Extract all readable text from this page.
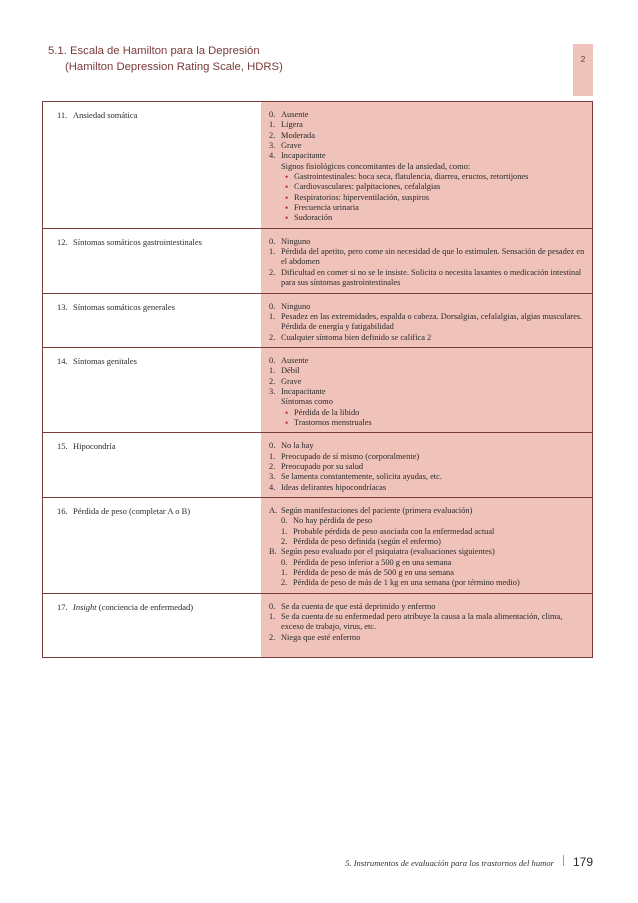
5.1. Escala de Hamilton para la Depresión
(Hamilton Depression Rating Scale, HDRS)
2
11. Ansiedad somática	0. Ausente
1. Ligera
2. Moderada
3. Grave
4. Incapacitante
Signos fisiológicos concomitantes de la ansiedad, como:
• Gastrointestinales: boca seca, flatulencia, diarrea, eructos, retortijones
• Cardiovasculares: palpitaciones, cefalalgias
• Respiratorios: hiperventilación, suspiros
• Frecuencia urinaria
• Sudoración
12. Síntomas somáticos gastrointestinales	0. Ninguno
1. Pérdida del apetito, pero come sin necesidad de que lo estimulen. Sensación de pesadez en el abdomen
2. Dificultad en comer si no se le insiste. Solicita o necesita laxantes o medicación intestinal para sus síntomas gastrointestinales
13. Síntomas somáticos generales	0. Ninguno
1. Pesadez en las extremidades, espalda o cabeza. Dorsalgias, cefalalgias, algias musculares. Pérdida de energía y fatigabilidad
2. Cualquier síntoma bien definido se califica 2
14. Síntomas genitales	0. Ausente
1. Débil
2. Grave
3. Incapacitante
Síntomas como
• Pérdida de la libido
• Trastornos menstruales
15. Hipocondría	0. No la hay
1. Preocupado de sí mismo (corporalmente)
2. Preocupado por su salud
3. Se lamenta constantemente, solicita ayudas, etc.
4. Ideas delirantes hipocondríacas
16. Pérdida de peso (completar A o B)	A. Según manifestaciones del paciente (primera evaluación)
0. No hay pérdida de peso
1. Probable pérdida de peso asociada con la enfermedad actual
2. Pérdida de peso definida (según el enfermo)
B. Según peso evaluado por el psiquiatra (evaluaciones siguientes)
0. Pérdida de peso inferior a 500 g en una semana
1. Pérdida de peso de más de 500 g en una semana
2. Pérdida de peso de más de 1 kg en una semana (por término medio)
17. Insight (conciencia de enfermedad)	0. Se da cuenta de que está deprimido y enfermo
1. Se da cuenta de su enfermedad pero atribuye la causa a la mala alimentación, clima, exceso de trabajo, virus, etc.
2. Niega que esté enfermo
5. Instrumentos de evaluación para los trastornos del humor 179
